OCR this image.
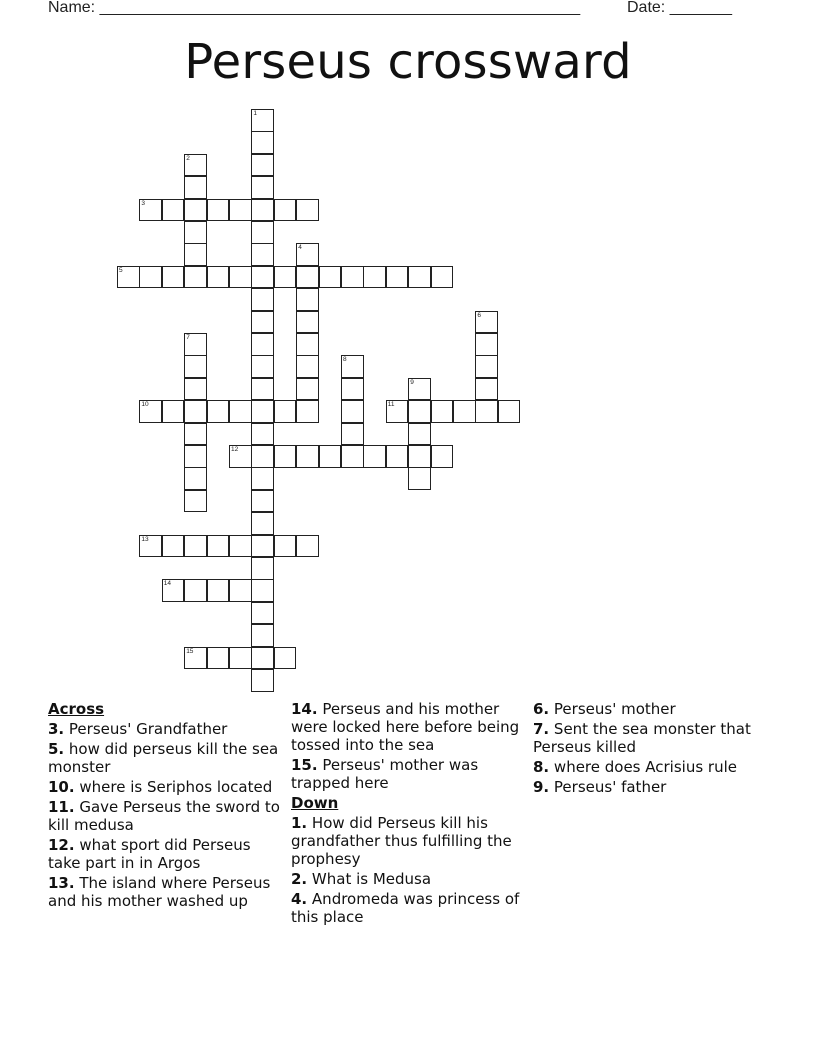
Name: ______________________________________________________	Date: _______
Perseus crossward
1
2
3
4
5
6
7
8
9
10	11
12
13
14
15
Across
3. Perseus' Grandfather
5. how did perseus kill the sea monster
10. where is Seriphos located
11. Gave Perseus the sword to kill medusa
12. what sport did Perseus take part in in Argos
13. The island where Perseus and his mother washed up
14. Perseus and his mother were locked here before being tossed into the sea
15. Perseus' mother was trapped here
Down
1. How did Perseus kill his grandfather thus fulfilling the prophesy
2. What is Medusa
4. Andromeda was princess of this place
6. Perseus' mother
7. Sent the sea monster that Perseus killed
8. where does Acrisius rule
9. Perseus' father
